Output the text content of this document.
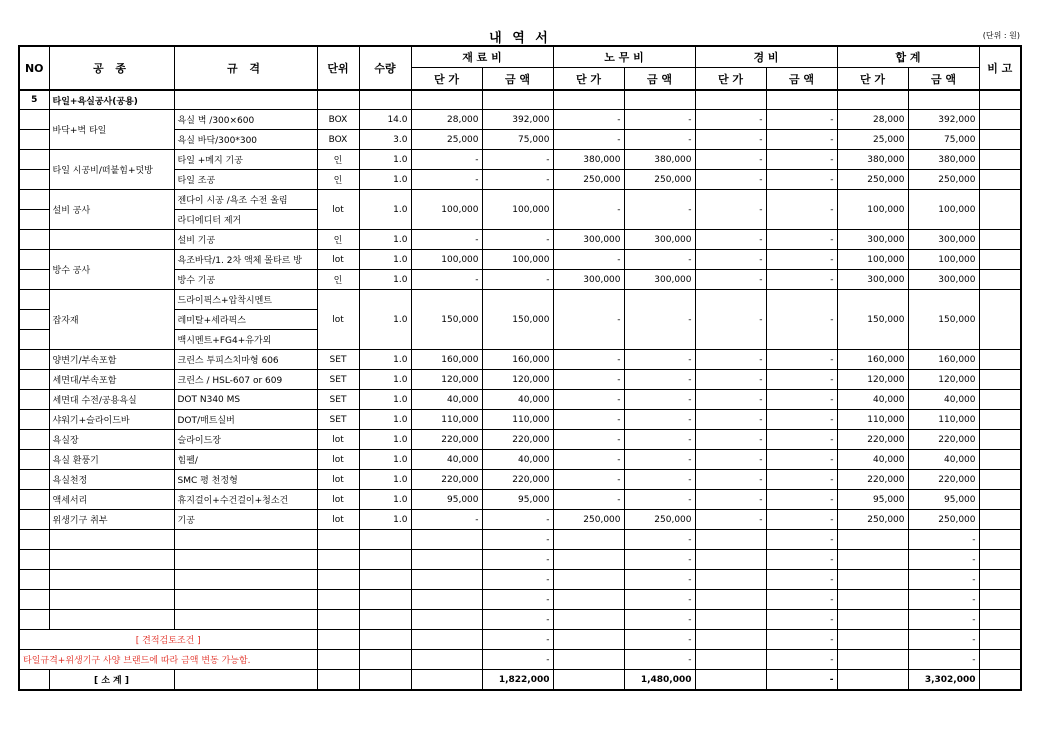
내 역 서	(단위 : 원)
NO	공 종	규 격	단위	수량	재 료 비		노 무 비		경 비		합 계		비 고
					단 가	금 액	단 가	금 액	단 가	금 액	단 가	금 액	
5	타일+욕실공사(공용)												
	바닥+벽 타일	욕실 벽 /300×600	BOX	14.0	28,000	392,000	-	-	-	-	28,000	392,000	
		욕실 바닥/300*300	BOX	3.0	25,000	75,000	-	-	-	-	25,000	75,000	
	타일 시공비/떠붙힘+덧방	타일 +메지 기공	인	1.0	-	-	380,000	380,000	-	-	380,000	380,000	
		타일 조공	인	1.0	-	-	250,000	250,000	-	-	250,000	250,000	
	설비 공사	젠다이 시공 /욕조 수전 올림	lot	1.0	100,000	100,000	-	-	-	-	100,000	100,000	
		라디에디터 제거											
		설비 기공	인	1.0	-	-	300,000	300,000	-	-	300,000	300,000	
	방수 공사	욕조바닥/1. 2차 액체 몰타르 방	lot	1.0	100,000	100,000	-	-	-	-	100,000	100,000	
		방수 기공	인	1.0	-	-	300,000	300,000	-	-	300,000	300,000	
	잡자재	드라이픽스+압착시멘트	lot	1.0	150,000	150,000	-	-	-	-	150,000	150,000	
		레미탈+세라픽스											
		백시멘트+FG4+유가외											
	양변기/부속포함	크린스 투피스치마형 606	SET	1.0	160,000	160,000	-	-	-	-	160,000	160,000	
	세면대/부속포함	크린스 / HSL-607 or 609	SET	1.0	120,000	120,000	-	-	-	-	120,000	120,000	
	세면대 수전/공용욕실	DOT N340 MS	SET	1.0	40,000	40,000	-	-	-	-	40,000	40,000	
	샤워기+슬라이드바	DOT/매트실버	SET	1.0	110,000	110,000	-	-	-	-	110,000	110,000	
	욕실장	슬라이드장	lot	1.0	220,000	220,000	-	-	-	-	220,000	220,000	
	욕실 환풍기	힘펠/	lot	1.0	40,000	40,000	-	-	-	-	40,000	40,000	
	욕실천정	SMC 평 천정형	lot	1.0	220,000	220,000	-	-	-	-	220,000	220,000	
	액세서리	휴지걸이+수건걸이+청소건	lot	1.0	95,000	95,000	-	-	-	-	95,000	95,000	
	위생기구 취부	기공	lot	1.0	-	-	250,000	250,000	-	-	250,000	250,000	
						-		-		-		-	
						-		-		-		-	
						-		-		-		-	
						-		-		-		-	
						-		-		-		-	
[ 견적검토조건 ]						-		-		-		-	
타일규격+위생기구 사양 브랜드에 따라 금액 변동 가능함.						-		-		-		-	
	[ 소 계 ]					1,822,000		1,480,000		-		3,302,000	
